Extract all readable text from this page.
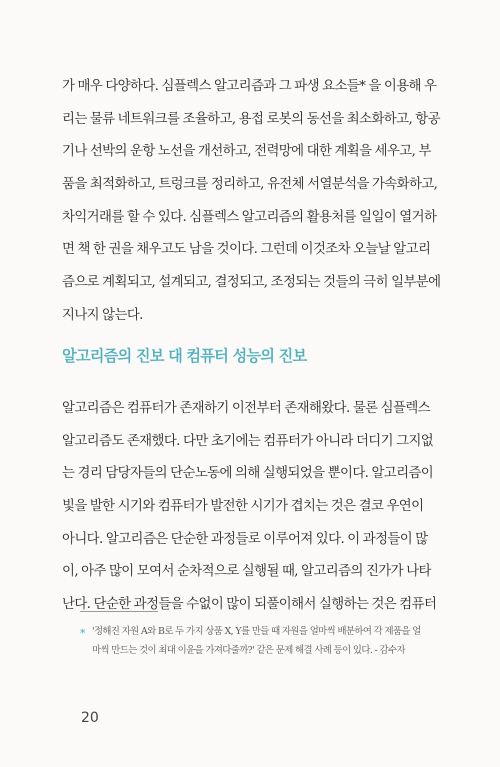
가 매우 다양하다. 심플렉스 알고리즘과 그 파생 요소들* 을 이용해 우
리는 물류 네트워크를 조율하고, 용접 로봇의 동선을 최소화하고, 항공
기나 선박의 운항 노선을 개선하고, 전력망에 대한 계획을 세우고, 부
품을 최적화하고, 트렁크를 정리하고, 유전체 서열분석을 가속화하고,
차익거래를 할 수 있다. 심플렉스 알고리즘의 활용처를 일일이 열거하
면 책 한 권을 채우고도 남을 것이다. 그런데 이것조차 오늘날 알고리
즘으로 계획되고, 설계되고, 결정되고, 조정되는 것들의 극히 일부분에
지나지 않는다.
알고리즘의 진보 대 컴퓨터 성능의 진보
알고리즘은 컴퓨터가 존재하기 이전부터 존재해왔다. 물론 심플렉스
알고리즘도 존재했다. 다만 초기에는 컴퓨터가 아니라 더디기 그지없
는 경리 담당자들의 단순노동에 의해 실행되었을 뿐이다. 알고리즘이
빛을 발한 시기와 컴퓨터가 발전한 시기가 겹치는 것은 결코 우연이
아니다. 알고리즘은 단순한 과정들로 이루어져 있다. 이 과정들이 많
이, 아주 많이 모여서 순차적으로 실행될 때, 알고리즘의 진가가 나타
난다. 단순한 과정들을 수없이 많이 되풀이해서 실행하는 것은 컴퓨터
* '정해진 자원 A와 B로 두 가지 상품 X, Y를 만들 때 자원을 얼마씩 배분하여 각 제품을 얼
마씩 만드는 것이 최대 이윤을 가져다줄까?' 같은 문제 해결 사례 등이 있다. - 감수자
20
